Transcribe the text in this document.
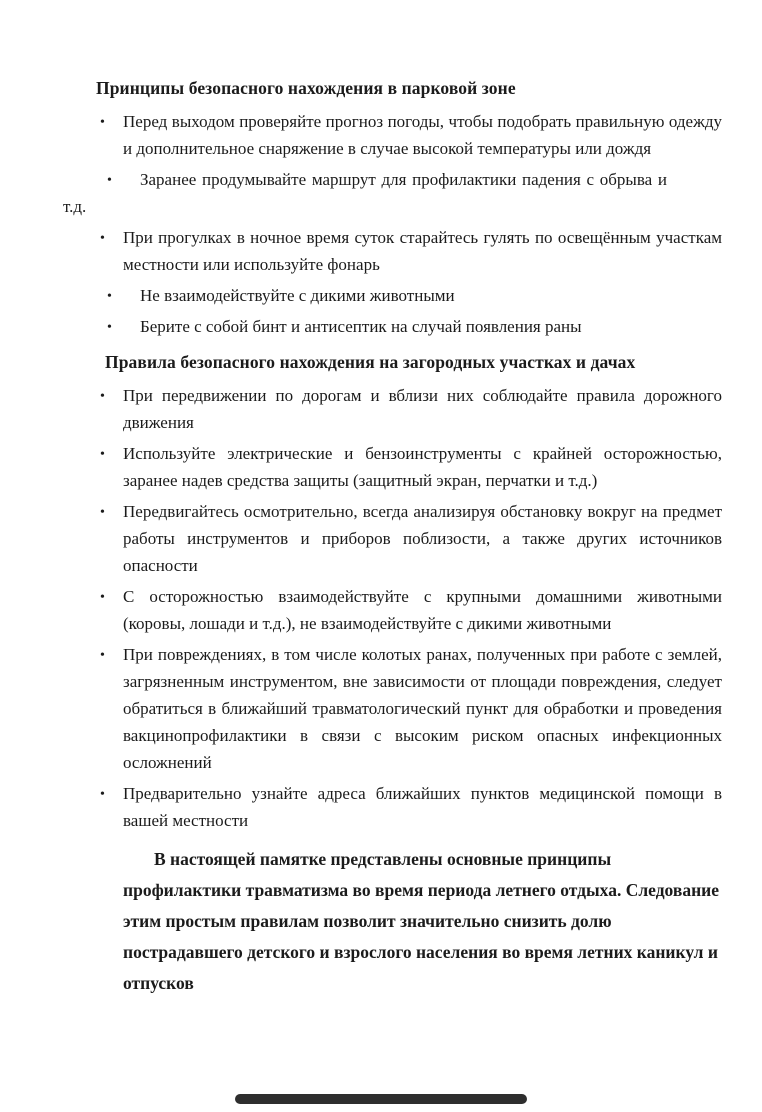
Принципы безопасного нахождения в парковой зоне
• Перед выходом проверяйте прогноз погоды, чтобы подобрать правильную одежду и дополнительное снаряжение в случае высокой температуры или дождя
•	Заранее продумывайте маршрут для профилактики падения с обрыва и т.д.
• При прогулках в ночное время суток старайтесь гулять по освещённым участкам местности или используйте фонарь
• Не взаимодействуйте с дикими животными
• Берите с собой бинт и антисептик на случай появления раны
Правила безопасного нахождения на загородных участках и дачах
• При передвижении по дорогам и вблизи них соблюдайте правила дорожного движения
• Используйте электрические и бензоинструменты с крайней осторожностью, заранее надев средства защиты (защитный экран, перчатки и т.д.)
• Передвигайтесь осмотрительно, всегда анализируя обстановку вокруг на предмет работы инструментов и приборов поблизости, а также других источников опасности
• С осторожностью взаимодействуйте с крупными домашними животными (коровы, лошади и т.д.), не взаимодействуйте с дикими животными
• При повреждениях, в том числе колотых ранах, полученных при работе с землей, загрязненным инструментом, вне зависимости от площади повреждения, следует обратиться в ближайший травматологический пункт для обработки и проведения вакцинопрофилактики в связи с высоким риском опасных инфекционных осложнений
• Предварительно узнайте адреса ближайших пунктов медицинской помощи в вашей местности
В настоящей памятке представлены основные принципы профилактики травматизма во время периода летнего отдыха. Следование этим простым правилам позволит значительно снизить долю пострадавшего детского и взрослого населения во время летних каникул и отпусков
